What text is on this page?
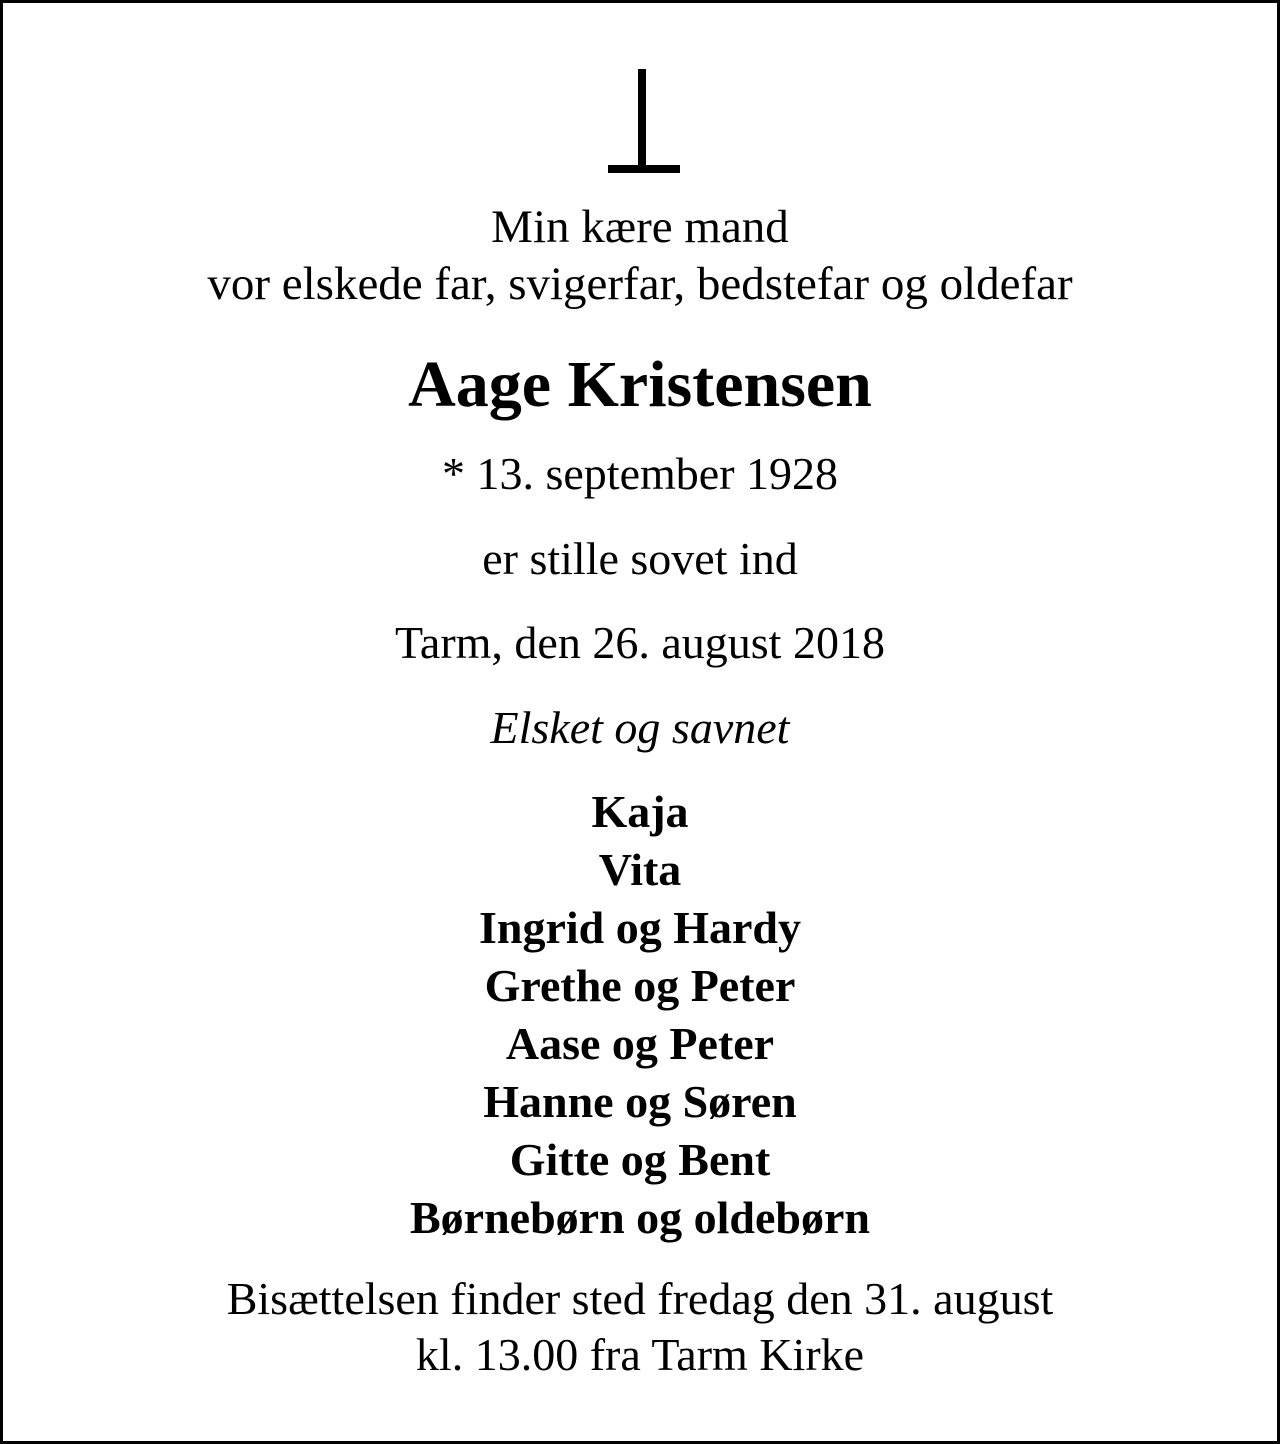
Min kære mand
vor elskede far, svigerfar, bedstefar og oldefar
Aage Kristensen
* 13. september 1928
er stille sovet ind
Tarm, den 26. august 2018
Elsket og savnet
Kaja
Vita
Ingrid og Hardy
Grethe og Peter
Aase og Peter
Hanne og Søren
Gitte og Bent
Børnebørn og oldebørn
Bisættelsen finder sted fredag den 31. august
kl. 13.00 fra Tarm Kirke
